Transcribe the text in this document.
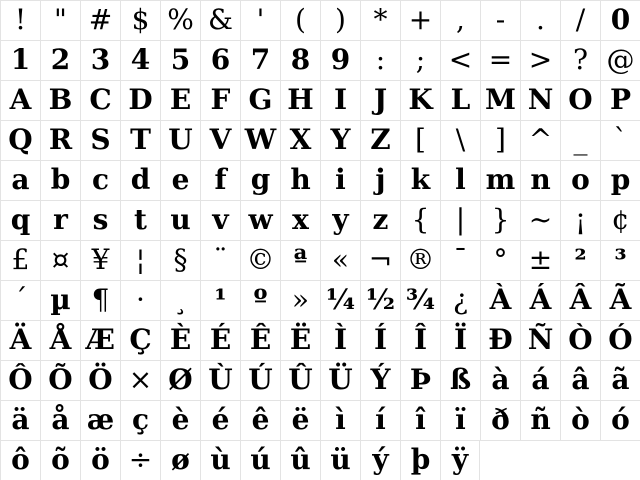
! " # $ % & '	(	) * + ,	-	.	/ 0
1 2 3 4 5 6 7 8 9 :	; < = > ? @
A B C D E F G H I J K L M N O P
Q R S T U V W X Y Z [	\	] ^ _ `
a b c d e f g h i	j k l m n o p
q r s t u v w x y z { | } ~ ¡ ¢
£ ¤ ¥ ¦	§ ¨ © ª « ¬ ® ¯ ° ± ² ³
´ µ ¶ ·	¸ ¹ º » ¼ ½ ¾ ¿ À Á Â Ã
Ä Å Æ Ç È É Ê Ë Ì Í Î Ï Ð Ñ Ò Ó
Ô Õ Ö × Ø Ù Ú Û Ü Ý Þ ß à á â ã
ä å æ ç è é ê ë ì	í	î	ï ð ñ ò ó
ô õ ö ÷ ø ù ú û ü ý þ ÿ
